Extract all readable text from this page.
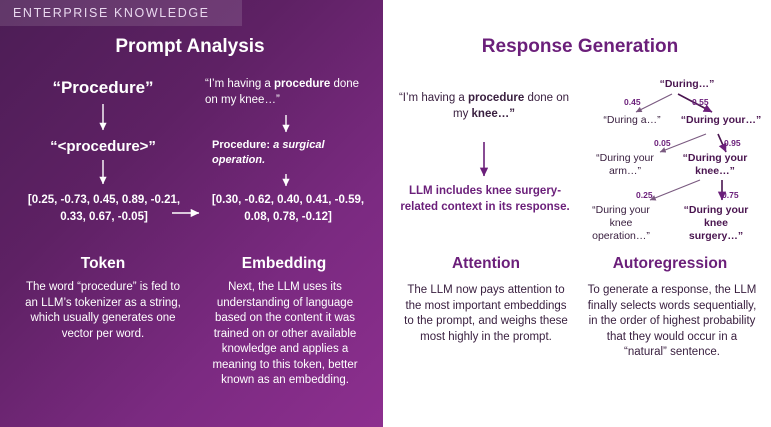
ENTERPRISE KNOWLEDGE
Prompt Analysis	Response Generation
“Procedure”
“<procedure>”
[0.25, -0.73, 0.45, 0.89, -0.21, 0.33, 0.67, -0.05]
“I’m having a procedure done on my knee…”
Procedure: a surgical operation.
[0.30, -0.62, 0.40, 0.41, -0.59, 0.08, 0.78, -0.12]
“I’m having a procedure done on my knee…”
LLM includes knee surgery-related context in its response.
“During…”
0.45	0.55
“During a…”	“During your…”
0.05	0.95
“During your arm…”
“During your knee…”
0.25	0.75
“During your knee operation…”
“During your knee surgery…”
Token
The word “procedure” is fed to an LLM’s tokenizer as a string, which usually generates one vector per word.
Embedding
Next, the LLM uses its understanding of language based on the content it was trained on or other available knowledge and applies a meaning to this token, better known as an embedding.
Attention
The LLM now pays attention to the most important embeddings to the prompt, and weighs these most highly in the prompt.
Autoregression
To generate a response, the LLM finally selects words sequentially, in the order of highest probability that they would occur in a “natural” sentence.
